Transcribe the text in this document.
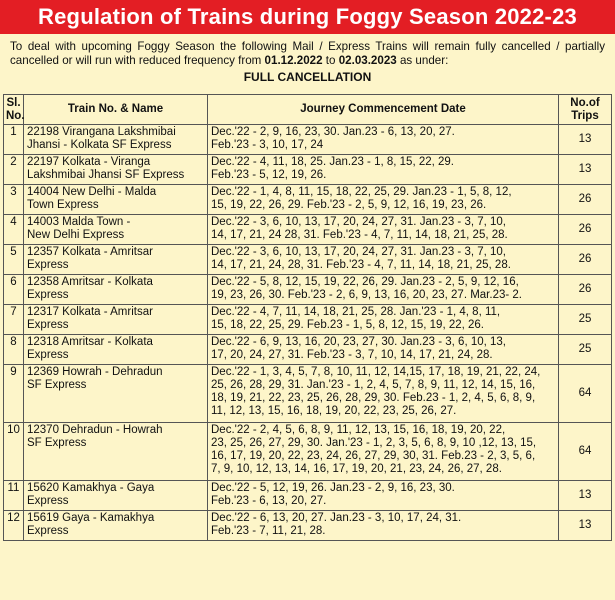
Regulation of Trains during Foggy Season 2022-23
To deal with upcoming Foggy Season the following Mail / Express Trains will remain fully cancelled / partially cancelled or will run with reduced frequency from 01.12.2022 to 02.03.2023 as under:
FULL CANCELLATION
Sl.
No.	Train No. & Name	Journey Commencement Date	No.of
Trips
1	22198 Virangana Lakshmibai
Jhansi - Kolkata SF Express	Dec.'22 - 2, 9, 16, 23, 30. Jan.23 - 6, 13, 20, 27.
Feb.'23 - 3, 10, 17, 24	13
2	22197 Kolkata - Viranga
Lakshmibai Jhansi SF Express	Dec.'22 - 4, 11, 18, 25. Jan.23 - 1, 8, 15, 22, 29.
Feb.'23 - 5, 12, 19, 26.	13
3	14004 New Delhi - Malda
Town Express	Dec.'22 - 1, 4, 8, 11, 15, 18, 22, 25, 29. Jan.23 - 1, 5, 8, 12,
15, 19, 22, 26, 29. Feb.'23 - 2, 5, 9, 12, 16, 19, 23, 26.	26
4	14003 Malda Town -
New Delhi Express	Dec.'22 - 3, 6, 10, 13, 17, 20, 24, 27, 31. Jan.23 - 3, 7, 10,
14, 17, 21, 24 28, 31. Feb.'23 - 4, 7, 11, 14, 18, 21, 25, 28.	26
5	12357 Kolkata - Amritsar
Express	Dec.'22 - 3, 6, 10, 13, 17, 20, 24, 27, 31. Jan.23 - 3, 7, 10,
14, 17, 21, 24, 28, 31. Feb.'23 - 4, 7, 11, 14, 18, 21, 25, 28.	26
6	12358 Amritsar - Kolkata
Express	Dec.'22 - 5, 8, 12, 15, 19, 22, 26, 29. Jan.23 - 2, 5, 9, 12, 16,
19, 23, 26, 30. Feb.'23 - 2, 6, 9, 13, 16, 20, 23, 27. Mar.23- 2.	26
7	12317 Kolkata - Amritsar
Express	Dec.'22 - 4, 7, 11, 14, 18, 21, 25, 28. Jan.'23 - 1, 4, 8, 11,
15, 18, 22, 25, 29. Feb.23 - 1, 5, 8, 12, 15, 19, 22, 26.	25
8	12318 Amritsar - Kolkata
Express	Dec.'22 - 6, 9, 13, 16, 20, 23, 27, 30. Jan.23 - 3, 6, 10, 13,
17, 20, 24, 27, 31. Feb.'23 - 3, 7, 10, 14, 17, 21, 24, 28.	25
9	12369 Howrah - Dehradun
SF Express	Dec.'22 - 1, 3, 4, 5, 7, 8, 10, 11, 12, 14,15, 17, 18, 19, 21, 22, 24,
25, 26, 28, 29, 31. Jan.'23 - 1, 2, 4, 5, 7, 8, 9, 11, 12, 14, 15, 16,
18, 19, 21, 22, 23, 25, 26, 28, 29, 30. Feb.23 - 1, 2, 4, 5, 6, 8, 9,
11, 12, 13, 15, 16, 18, 19, 20, 22, 23, 25, 26, 27.	64
10	12370 Dehradun - Howrah
SF Express	Dec.'22 - 2, 4, 5, 6, 8, 9, 11, 12, 13, 15, 16, 18, 19, 20, 22,
23, 25, 26, 27, 29, 30. Jan.'23 - 1, 2, 3, 5, 6, 8, 9, 10 ,12, 13, 15,
16, 17, 19, 20, 22, 23, 24, 26, 27, 29, 30, 31. Feb.23 - 2, 3, 5, 6,
7, 9, 10, 12, 13, 14, 16, 17, 19, 20, 21, 23, 24, 26, 27, 28.	64
11	15620 Kamakhya - Gaya
Express	Dec.'22 - 5, 12, 19, 26. Jan.23 - 2, 9, 16, 23, 30.
Feb.'23 - 6, 13, 20, 27.	13
12	15619 Gaya - Kamakhya
Express	Dec.'22 - 6, 13, 20, 27. Jan.23 - 3, 10, 17, 24, 31.
Feb.'23 - 7, 11, 21, 28.	13
